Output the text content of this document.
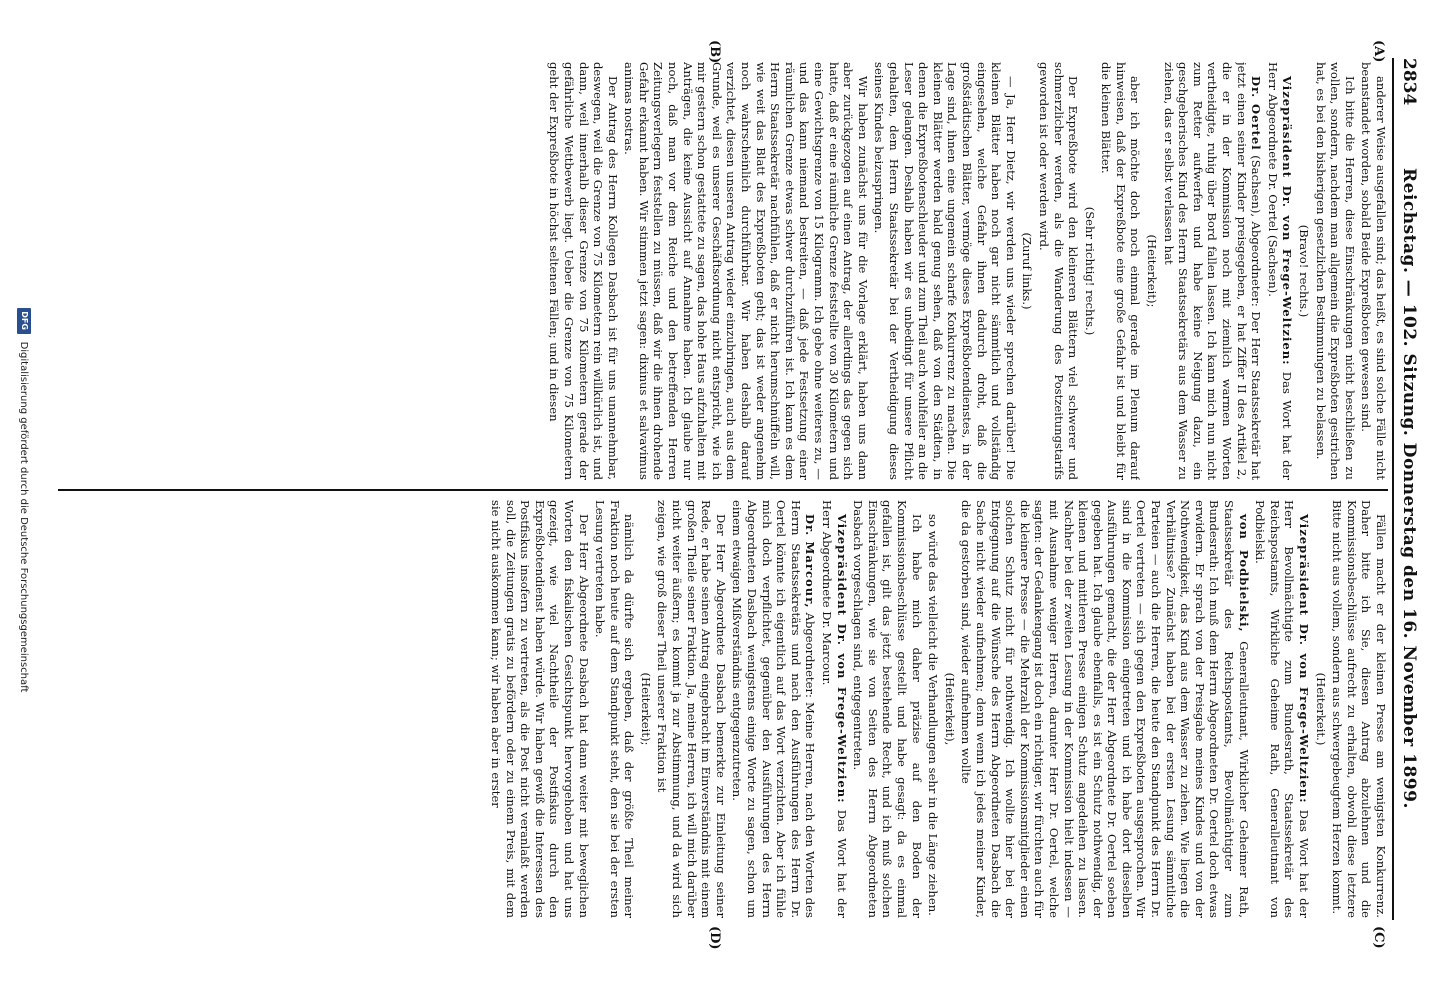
2834
Reichstag. — 102. Sitzung. Donnerstag den 16. November 1899.
(A)
(B)
(C)
(D)

anderer Weise ausgefallen sind; das heißt, es sind solche Fälle nicht beanstandet worden, sobald Beide Expreßboten gewesen sind.

Ich bitte die Herren, diese Einschränkungen nicht beschließen zu wollen, sondern, nachdem man allgemein die Expreßboten gestrichen hat, es bei den bisherigen gesetzlichen Bestimmungen zu belassen.

(Bravo! rechts.)

Vizepräsident Dr. von Frege-Weltzien: Das Wort hat der Herr Abgeordnete Dr. Oertel (Sachsen).

Dr. Oertel (Sachsen), Abgeordneter: Der Herr Staatssekretär hat jetzt einen seiner Kinder preisgegeben, er hat Ziffer II des Artikel 2, die er in der Kommission noch mit ziemlich warmen Worten vertheidigte, ruhig über Bord fallen lassen. Ich kann mich nun nicht zum Retter aufwerfen und habe keine Neigung dazu, ein geschgeberisches Kind des Herrn Staatssekretärs aus dem Wasser zu ziehen, das er selbst verlassen hat

(Heiterkeit);

aber ich möchte doch noch einmal gerade im Plenum darauf hinweisen, daß der Expreßbote eine große Gefahr ist und bleibt für die kleinen Blätter.

(Sehr richtig! rechts.)

Der Expreßbote wird den kleineren Blättern viel schwerer und schmerzlicher werden, als die Wanderung des Postzeitungstarifs geworden ist oder werden wird.

(Zuruf links.)

— Ja, Herr Dietz, wir werden uns wieder sprechen darüber! Die kleinen Blätter haben noch gar nicht sämmtlich und vollständig eingesehen, welche Gefahr ihnen dadurch droht, daß die großstädtischen Blätter, vermöge dieses Expreßbotendienstes, in der Lage sind, ihnen eine ungemein scharfe Konkurrenz zu machen. Die kleinen Blätter werden bald genug sehen, daß von den Städten, in denen die Expreßbotenschleuder und zum Theil auch wohlfeiler an die Leser gelangen. Deshalb haben wir es unbedingt für unsere Pflicht gehalten, dem Herrn Staatssekretär bei der Vertheidigung dieses seines Kindes beizuspringen.

Wir haben zunächst uns für die Vorlage erklärt, haben uns dann aber zurückgezogen auf einen Antrag, der allerdings das gegen sich hatte, daß er eine räumliche Grenze feststellte von 30 Kilometern und eine Gewichtsgrenze von 15 Kilogramm. Ich gebe ohne weiteres zu, — und das kann niemand bestreiten, — daß jede Festsetzung einer räumlichen Grenze etwas schwer durchzuführen ist. Ich kann es dem Herrn Staatssekretär nachfühlen, daß er nicht herumschnüffeln will, wie weit das Blatt des Expreßboten geht; das ist weder angenehm noch wahrscheinlich durchführbar. Wir haben deshalb darauf verzichtet, diesen unseren Antrag wieder einzubringen, auch aus dem Grunde, weil es unserer Geschäftsordnung nicht entspricht, wie ich mir gestern schon gestattete zu sagen, das hohe Haus aufzuhalten mit Anträgen, die keine Aussicht auf Annahme haben. Ich glaube nur noch, daß man vor dem Reiche und den betreffenden Herren Zeitungsverlegern feststellen zu müssen, daß wir die ihnen drohende Gefahr erkannt haben. Wir stimmen jetzt sagen: dixinus et salvavimus animas nostras.

Der Antrag des Herrn Kollegen Dasbach ist für uns unannehmbar, deswegen, weil die Grenze von 75 Kilometern rein willkürlich ist, und dann, weil innerhalb dieser Grenze von 75 Kilometern gerade der gefährliche Wettbewerb liegt. Ueber die Grenze von 75 Kilometern geht der Expreßbote in höchst seltenen Fällen; und in diesen

Fällen macht er der kleinen Presse am wenigsten Konkurrenz. Daher bitte ich Sie, diesen Antrag abzulehnen und die Kommissionsbeschlüsse aufrecht zu erhalten, obwohl diese letztere Bitte nicht aus vollem, sondern aus schwergebeugtem Herzen kommt.

(Heiterkeit.)

Vizepräsident Dr. von Frege-Weltzien: Das Wort hat der Herr Bevollmächtigte zum Bundesrath, Staatssekretär des Reichspostamts, Wirkliche Geheime Rath, Generalleutnant von Podbielski.

von Podbielski, Generalleutnant, Wirklicher Geheimer Rath, Staatssekretär des Reichspostamts, Bevollmächtigter zum Bundesrath: Ich muß dem Herrn Abgeordneten Dr. Oertel doch etwas erwidern. Er sprach von der Preisgabe meines Kindes und von der Nothwendigkeit, das Kind aus dem Wasser zu ziehen. Wie liegen die Verhältnisse? Zunächst haben bei der ersten Lesung sämmtliche Parteien — auch die Herren, die heute den Standpunkt des Herrn Dr. Oertel vertreten — sich gegen den Expreßboten ausgesprochen. Wir sind in die Kommission eingetreten und ich habe dort dieselben Ausführungen gemacht, die der Herr Abgeordnete Dr. Oertel soeben gegeben hat. Ich glaube ebenfalls, es ist ein Schutz nothwendig, der kleinen und mittleren Presse einigen Schutz angedeihen zu lassen. Nachher bei der zweiten Lesung in der Kommission hielt indessen — mit Ausnahme weniger Herren, darunter Herr Dr. Oertel, welche sagten: der Gedankengang ist doch ein richtiger, wir fürchten auch für die kleinere Presse — die Mehrzahl der Kommissionsmitglieder einen solchen Schutz nicht für nothwendig. Ich wollte hier bei der Entgegnung auf die Wünsche des Herrn Abgeordneten Dasbach die Sache nicht wieder aufnehmen; denn wenn ich jedes meiner Kinder, die da gestorben sind, wieder aufnehmen wollte

(Heiterkeit),

so würde das vielleicht die Verhandlungen sehr in die Länge ziehen.

Ich habe mich daher präzise auf den Boden der Kommissionsbeschlüsse gestellt und habe gesagt: da es einmal gefallen ist, gilt das jetzt bestehende Recht, und ich muß solchen Einschränkungen, wie sie von Seiten des Herrn Abgeordneten Dasbach vorgeschlagen sind, entgegentreten.

Vizepräsident Dr. von Frege-Weltzien: Das Wort hat der Herr Abgeordnete Dr. Marcour.

Dr. Marcour, Abgeordneter: Meine Herren, nach den Worten des Herrn Staatssekretärs und nach den Ausführungen des Herrn Dr. Oertel könnte ich eigentlich auf das Wort verzichten. Aber ich fühle mich doch verpflichtet, gegenüber den Ausführungen des Herrn Abgeordneten Dasbach wenigstens einige Worte zu sagen, schon um einem etwaigen Mißverständnis entgegenzutreten.

Der Herr Abgeordnete Dasbach bemerkte zur Einleitung seiner Rede, er habe seinen Antrag eingebracht im Einverständnis mit einem großen Theile seiner Fraktion. Ja, meine Herren, ich will mich darüber nicht weiter äußern; es kommt ja zur Abstimmung, und da wird sich zeigen, wie groß dieser Theil unserer Fraktion ist

(Heiterkeit);

nämlich da dürfte sich ergeben, daß der größte Theil meiner Fraktion noch heute auf dem Standpunkt steht, den sie bei der ersten Lesung vertreten habe.

Der Herr Abgeordnete Dasbach hat dann weiter mit beweglichen Worten den fiskalischen Gesichtspunkt hervorgehoben und hat uns gezeigt, wie viel Nachtheile der Postfiskus durch den Expreßbotendienst haben würde. Wir haben gewiß die Interessen des Postfiskus insofern zu vertreten, als die Post nicht veranlaßt werden soll, die Zeitungen gratis zu befördern oder zu einem Preis, mit dem sie nicht auskommen kann; wir haben aber in erster

DFG
Digitalisierung gefördert durch die Deutsche Forschungsgemeinschaft
